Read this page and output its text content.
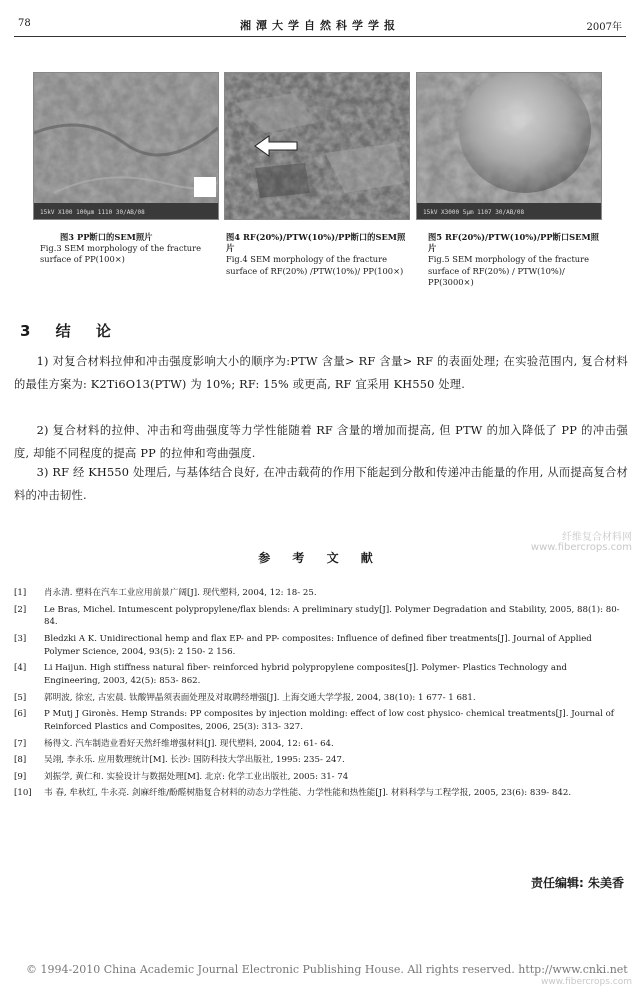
78	湘潭大学自然科学学报	2007年
15kV X100 100μm 1110 30/AB/08	15kV X3000 5μm 1107 30/AB/08
图3 PP断口的SEM照片
Fig.3 SEM morphology of the fracture surface of PP(100×)
图4 RF(20%)/PTW(10%)/PP断口的SEM照片
Fig.4 SEM morphology of the fracture surface of RF(20%) /PTW(10%)/ PP(100×)
图5 RF(20%)/PTW(10%)/PP断口SEM照片
Fig.5 SEM morphology of the fracture surface of RF(20%) / PTW(10%)/ PP(3000×)
3 结 论
1) 对复合材料拉伸和冲击强度影响大小的顺序为:PTW 含量> RF 含量> RF 的表面处理; 在实验范围内, 复合材料的最佳方案为: K2Ti6O13(PTW) 为 10%; RF: 15% 或更高, RF 宜采用 KH550 处理.
2) 复合材料的拉伸、冲击和弯曲强度等力学性能随着 RF 含量的增加而提高, 但 PTW 的加入降低了 PP 的冲击强度, 却能不同程度的提高 PP 的拉伸和弯曲强度.
3) RF 经 KH550 处理后, 与基体结合良好, 在冲击载荷的作用下能起到分散和传递冲击能量的作用, 从而提高复合材料的冲击韧性.
参 考 文 献
[1] 肖永清. 塑料在汽车工业应用前景广阔[J]. 现代塑料, 2004, 12: 18- 25.
[2] Le Bras, Michel. Intumescent polypropylene/flax blends: A preliminary study[J]. Polymer Degradation and Stability, 2005, 88(1): 80- 84.
[3] Bledzki A K. Unidirectional hemp and flax EP- and PP- composites: Influence of defined fiber treatments[J]. Journal of Applied Polymer Science, 2004, 93(5): 2 150- 2 156.
[4] Li Haijun. High stiffness natural fiber- reinforced hybrid polypropylene composites[J]. Polymer- Plastics Technology and Engineering, 2003, 42(5): 853- 862.
[5] 郭明波, 徐宏, 古宏晨. 钛酸钾晶须表面处理及对取聘经增强[J]. 上海交通大学学报, 2004, 38(10): 1 677- 1 681.
[6] P Mutj J Gironès. Hemp Strands: PP composites by injection molding: effect of low cost physico- chemical treatments[J]. Journal of Reinforced Plastics and Composites, 2006, 25(3): 313- 327.
[7] 杨得文. 汽车制造业看好天然纤维增强材料[J]. 现代塑料, 2004, 12: 61- 64.
[8] 吴翊, 李永乐. 应用数理统计[M]. 长沙: 国防科技大学出版社, 1995: 235- 247.
[9] 刘振学, 黄仁和. 实验设计与数据处理[M]. 北京: 化学工业出版社, 2005: 31- 74
[10] 韦 春, 牟秋红, 牛永亮. 剑麻纤维/酚醛树脂复合材料的动态力学性能、力学性能和热性能[J]. 材料科学与工程学报, 2005, 23(6): 839- 842.
责任编辑: 朱美香
纤维复合材料网
www.fibercrops.com
www.fibercrops.com
© 1994-2010 China Academic Journal Electronic Publishing House. All rights reserved. http://www.cnki.net
